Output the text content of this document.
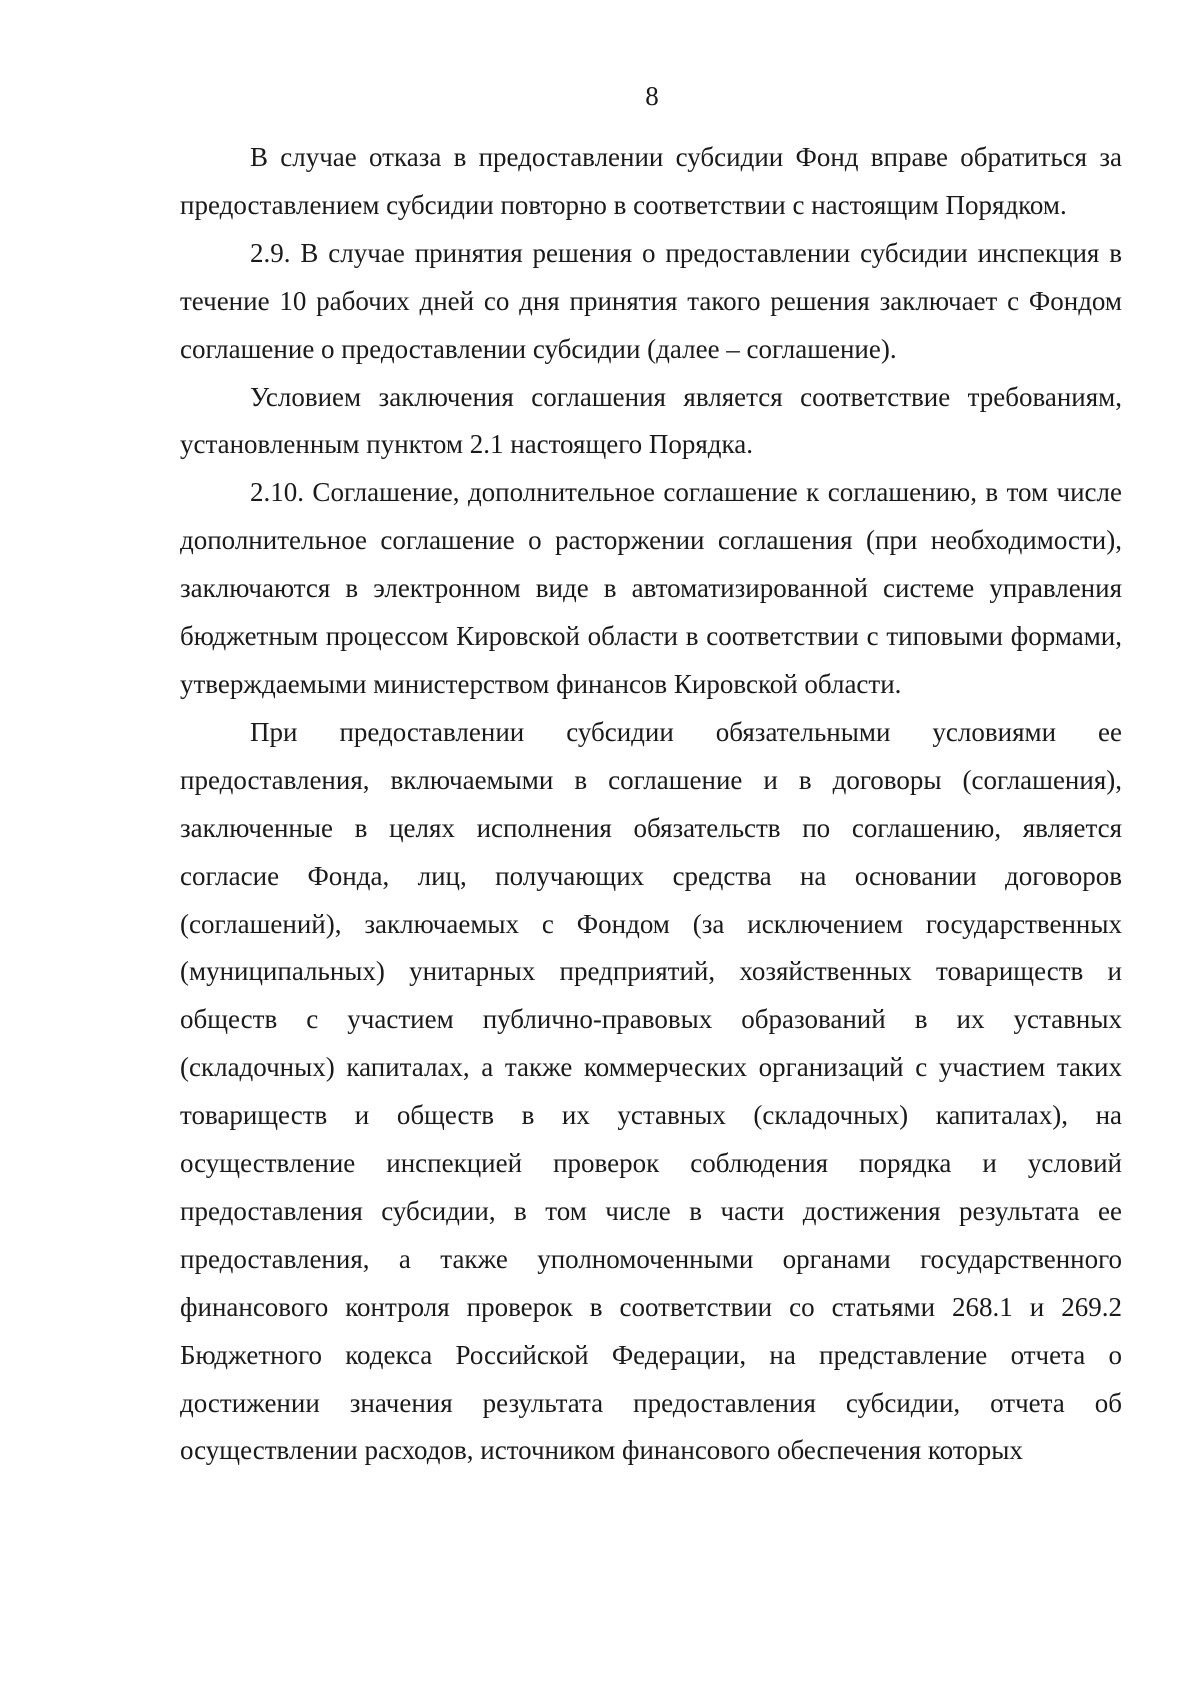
8

В случае отказа в предоставлении субсидии Фонд вправе обратиться за предоставлением субсидии повторно в соответствии с настоящим Порядком.

2.9. В случае принятия решения о предоставлении субсидии инспекция в течение 10 рабочих дней со дня принятия такого решения заключает с Фондом соглашение о предоставлении субсидии (далее – соглашение).

Условием заключения соглашения является соответствие требованиям, установленным пунктом 2.1 настоящего Порядка.

2.10. Соглашение, дополнительное соглашение к соглашению, в том числе дополнительное соглашение о расторжении соглашения (при необходимости), заключаются в электронном виде в автоматизированной системе управления бюджетным процессом Кировской области в соответствии с типовыми формами, утверждаемыми министерством финансов Кировской области.

При предоставлении субсидии обязательными условиями ее предоставления, включаемыми в соглашение и в договоры (соглашения), заключенные в целях исполнения обязательств по соглашению, является согласие Фонда, лиц, получающих средства на основании договоров (соглашений), заключаемых с Фондом (за исключением государственных (муниципальных) унитарных предприятий, хозяйственных товариществ и обществ с участием публично-правовых образований в их уставных (складочных) капиталах, а также коммерческих организаций с участием таких товариществ и обществ в их уставных (складочных) капиталах), на осуществление инспекцией проверок соблюдения порядка и условий предоставления субсидии, в том числе в части достижения результата ее предоставления, а также уполномоченными органами государственного финансового контроля проверок в соответствии со статьями 268.1 и 269.2 Бюджетного кодекса Российской Федерации, на представление отчета о достижении значения результата предоставления субсидии, отчета об осуществлении расходов, источником финансового обеспечения которых
